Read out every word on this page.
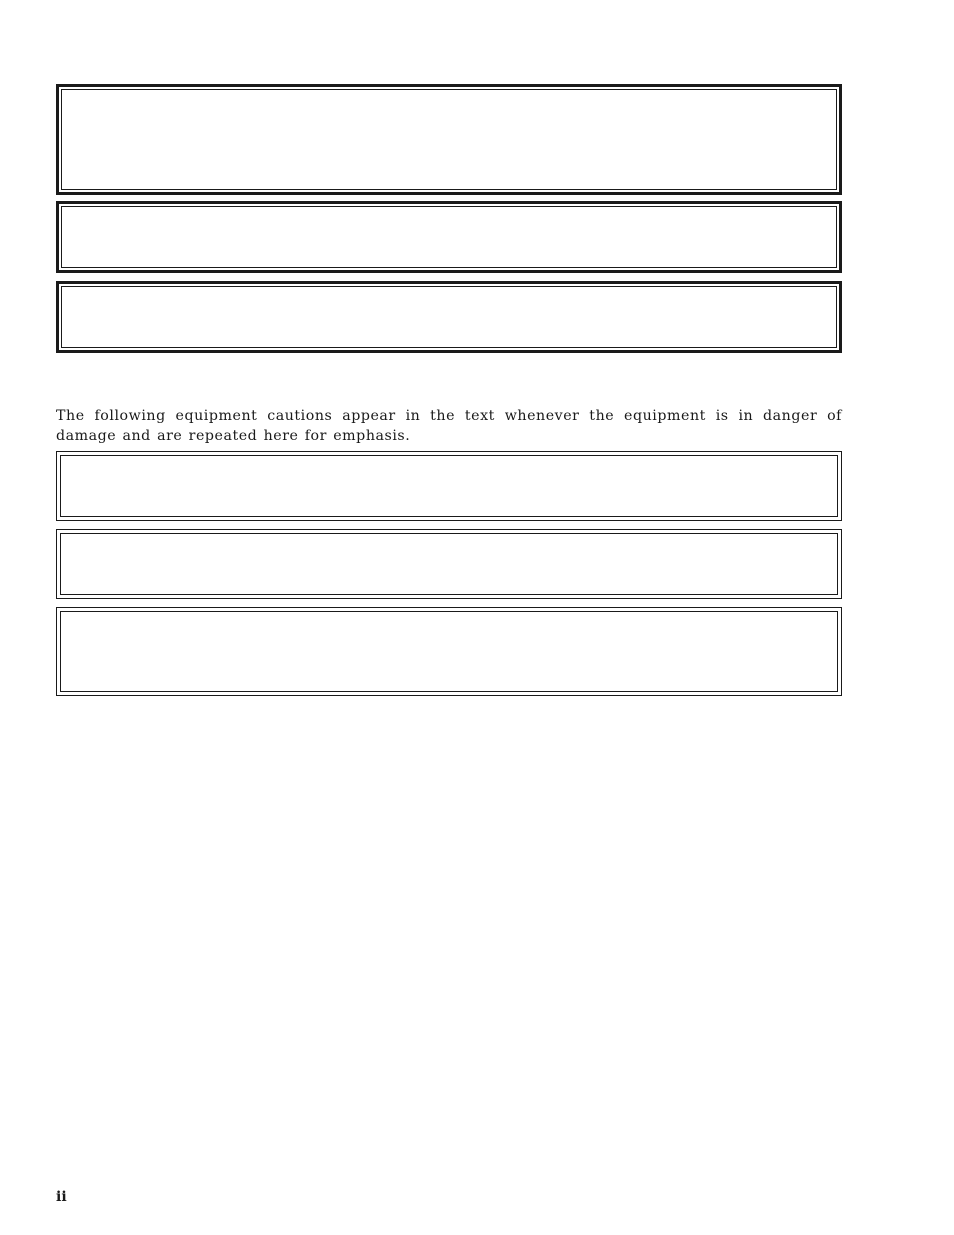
The following equipment cautions appear in the text whenever the equipment is in danger of damage and are repeated here for emphasis.

ii
